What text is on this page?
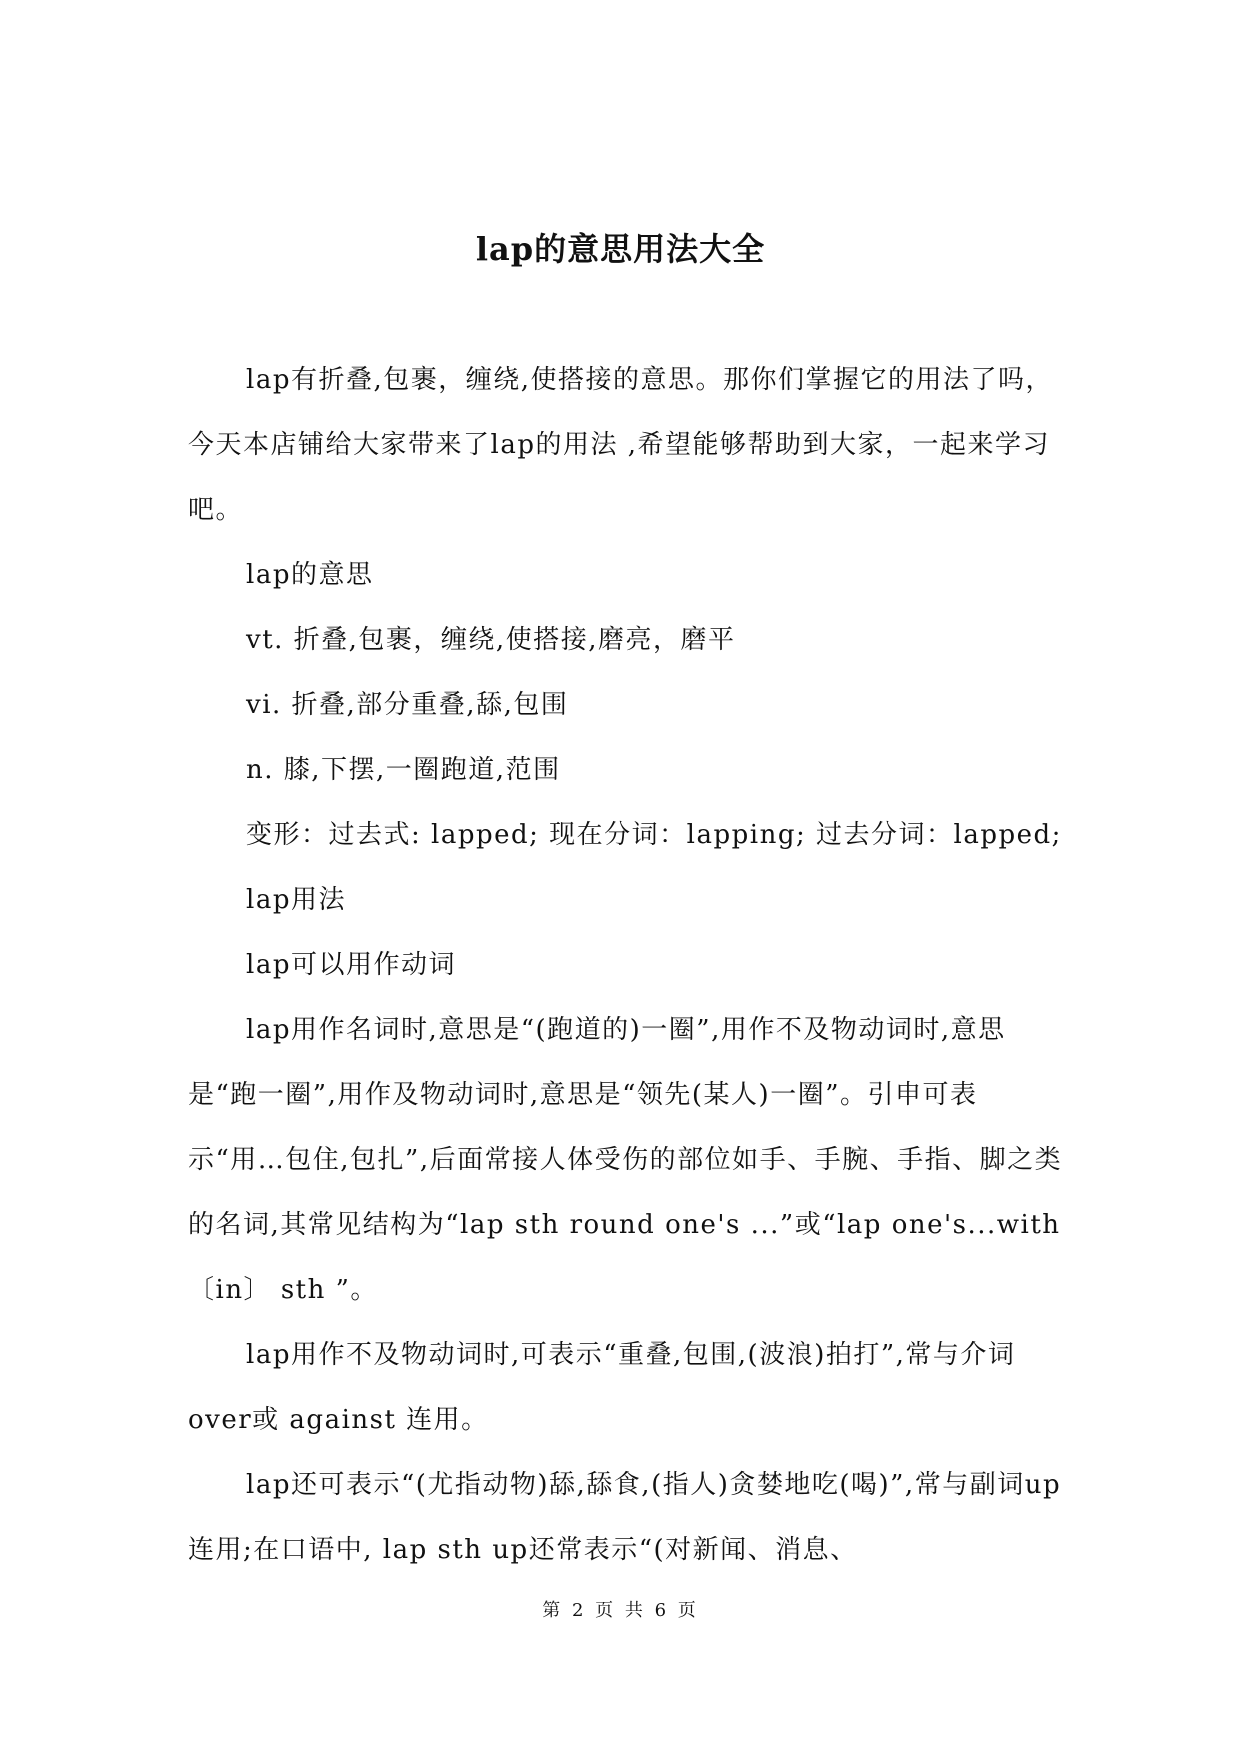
lap的意思用法大全

lap有折叠,包裹，缠绕,使搭接的意思。那你们掌握它的用法了吗，今天本店铺给大家带来了lap的用法 ,希望能够帮助到大家，一起来学习吧。

lap的意思

vt. 折叠,包裹，缠绕,使搭接,磨亮，磨平

vi. 折叠,部分重叠,舔,包围

n. 膝,下摆,一圈跑道,范围

变形：过去式: lapped; 现在分词：lapping; 过去分词：lapped;

lap用法

lap可以用作动词

lap用作名词时,意思是“(跑道的)一圈”,用作不及物动词时,意思是“跑一圈”,用作及物动词时,意思是“领先(某人)一圈”。引申可表示“用…包住,包扎”,后面常接人体受伤的部位如手、手腕、手指、脚之类的名词,其常见结构为“lap sth round one's ...”或“lap one's...with〔in〕 sth ”。

lap用作不及物动词时,可表示“重叠,包围,(波浪)拍打”,常与介词over或 against 连用。

lap还可表示“(尤指动物)舔,舔食,(指人)贪婪地吃(喝)”,常与副词up连用;在口语中, lap sth up还常表示“(对新闻、消息、

第 2 页 共 6 页
